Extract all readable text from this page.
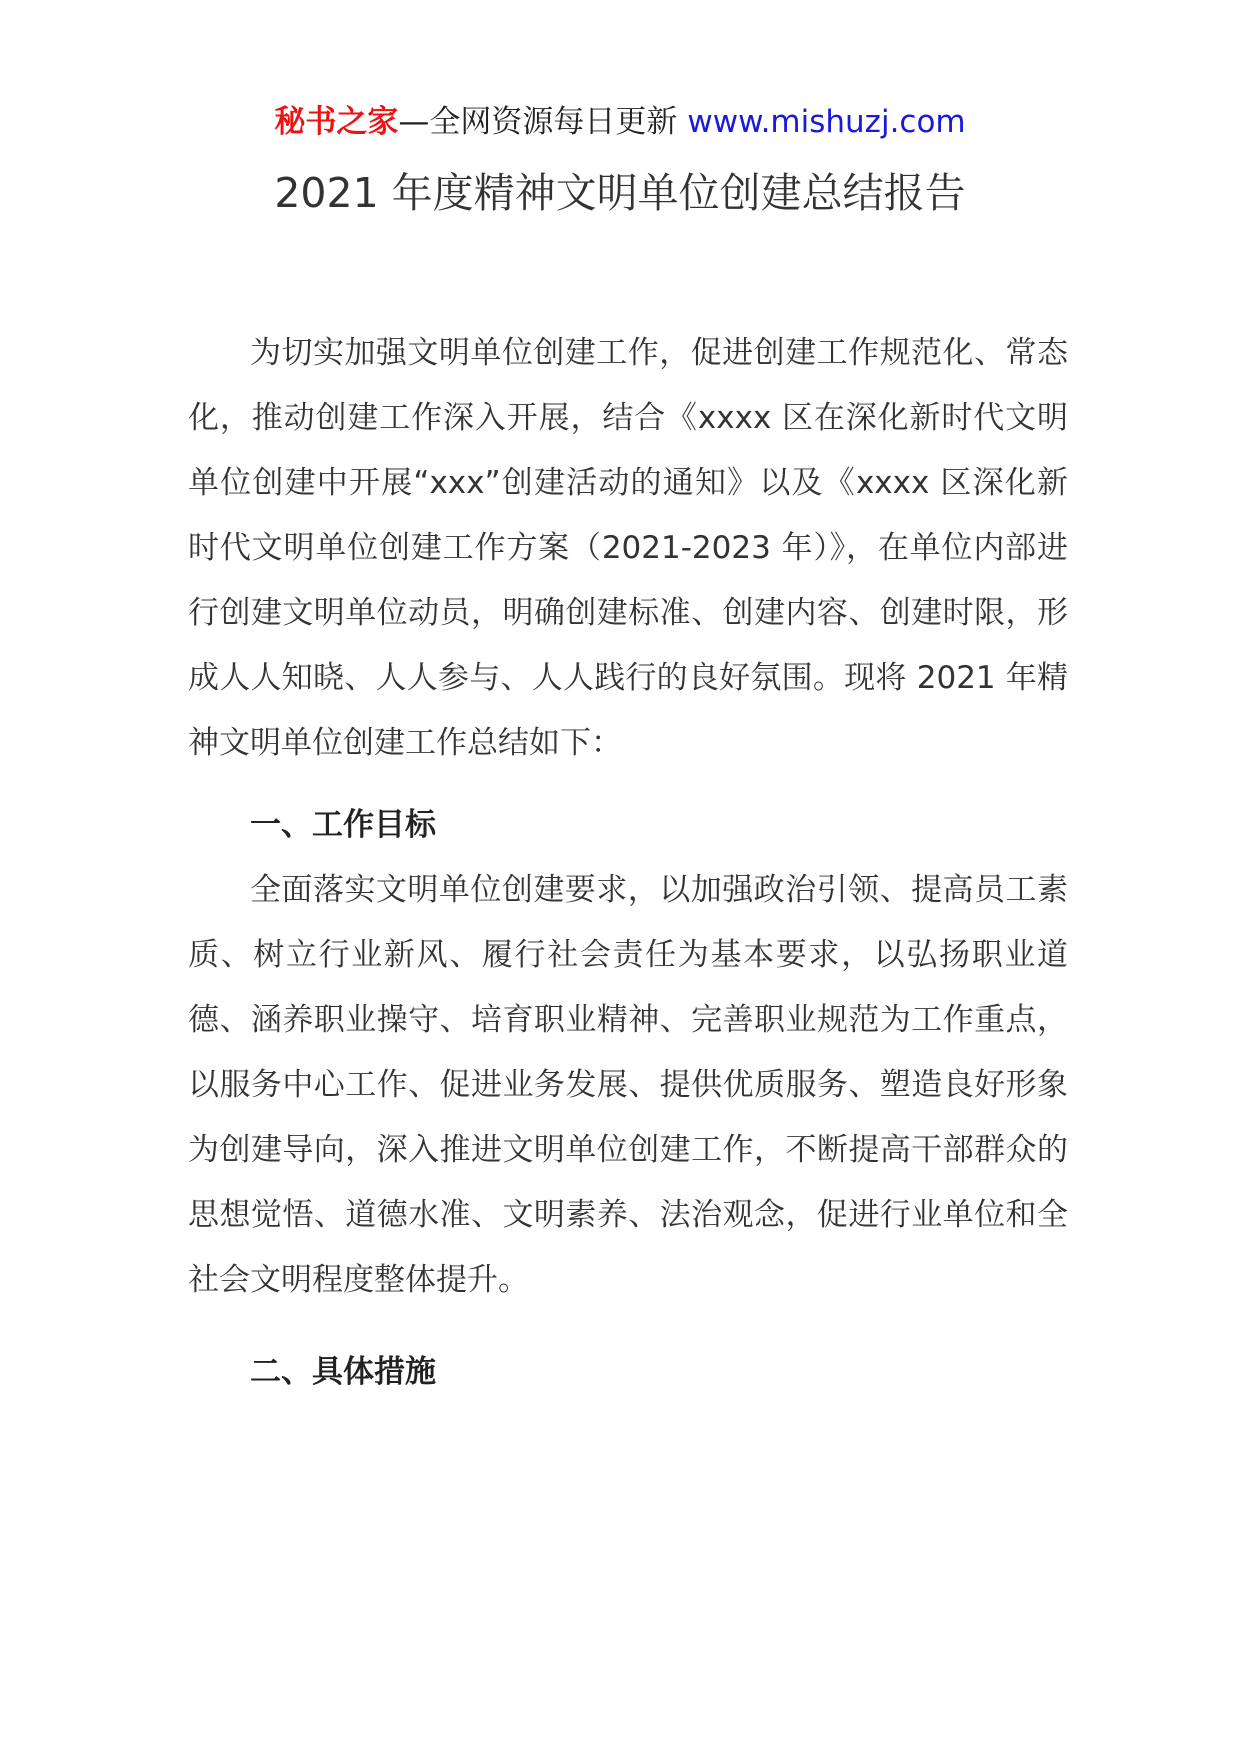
秘书之家—全网资源每日更新 www.mishuzj.com
2021 年度精神文明单位创建总结报告

为切实加强文明单位创建工作，促进创建工作规范化、常态化，推动创建工作深入开展，结合《xxxx 区在深化新时代文明单位创建中开展“xxx”创建活动的通知》以及《xxxx 区深化新时代文明单位创建工作方案（2021-2023 年）》，在单位内部进行创建文明单位动员，明确创建标准、创建内容、创建时限，形成人人知晓、人人参与、人人践行的良好氛围。现将 2021 年精神文明单位创建工作总结如下：

一、工作目标

全面落实文明单位创建要求，以加强政治引领、提高员工素质、树立行业新风、履行社会责任为基本要求，以弘扬职业道德、涵养职业操守、培育职业精神、完善职业规范为工作重点，以服务中心工作、促进业务发展、提供优质服务、塑造良好形象为创建导向，深入推进文明单位创建工作，不断提高干部群众的思想觉悟、道德水准、文明素养、法治观念，促进行业单位和全社会文明程度整体提升。

二、具体措施
